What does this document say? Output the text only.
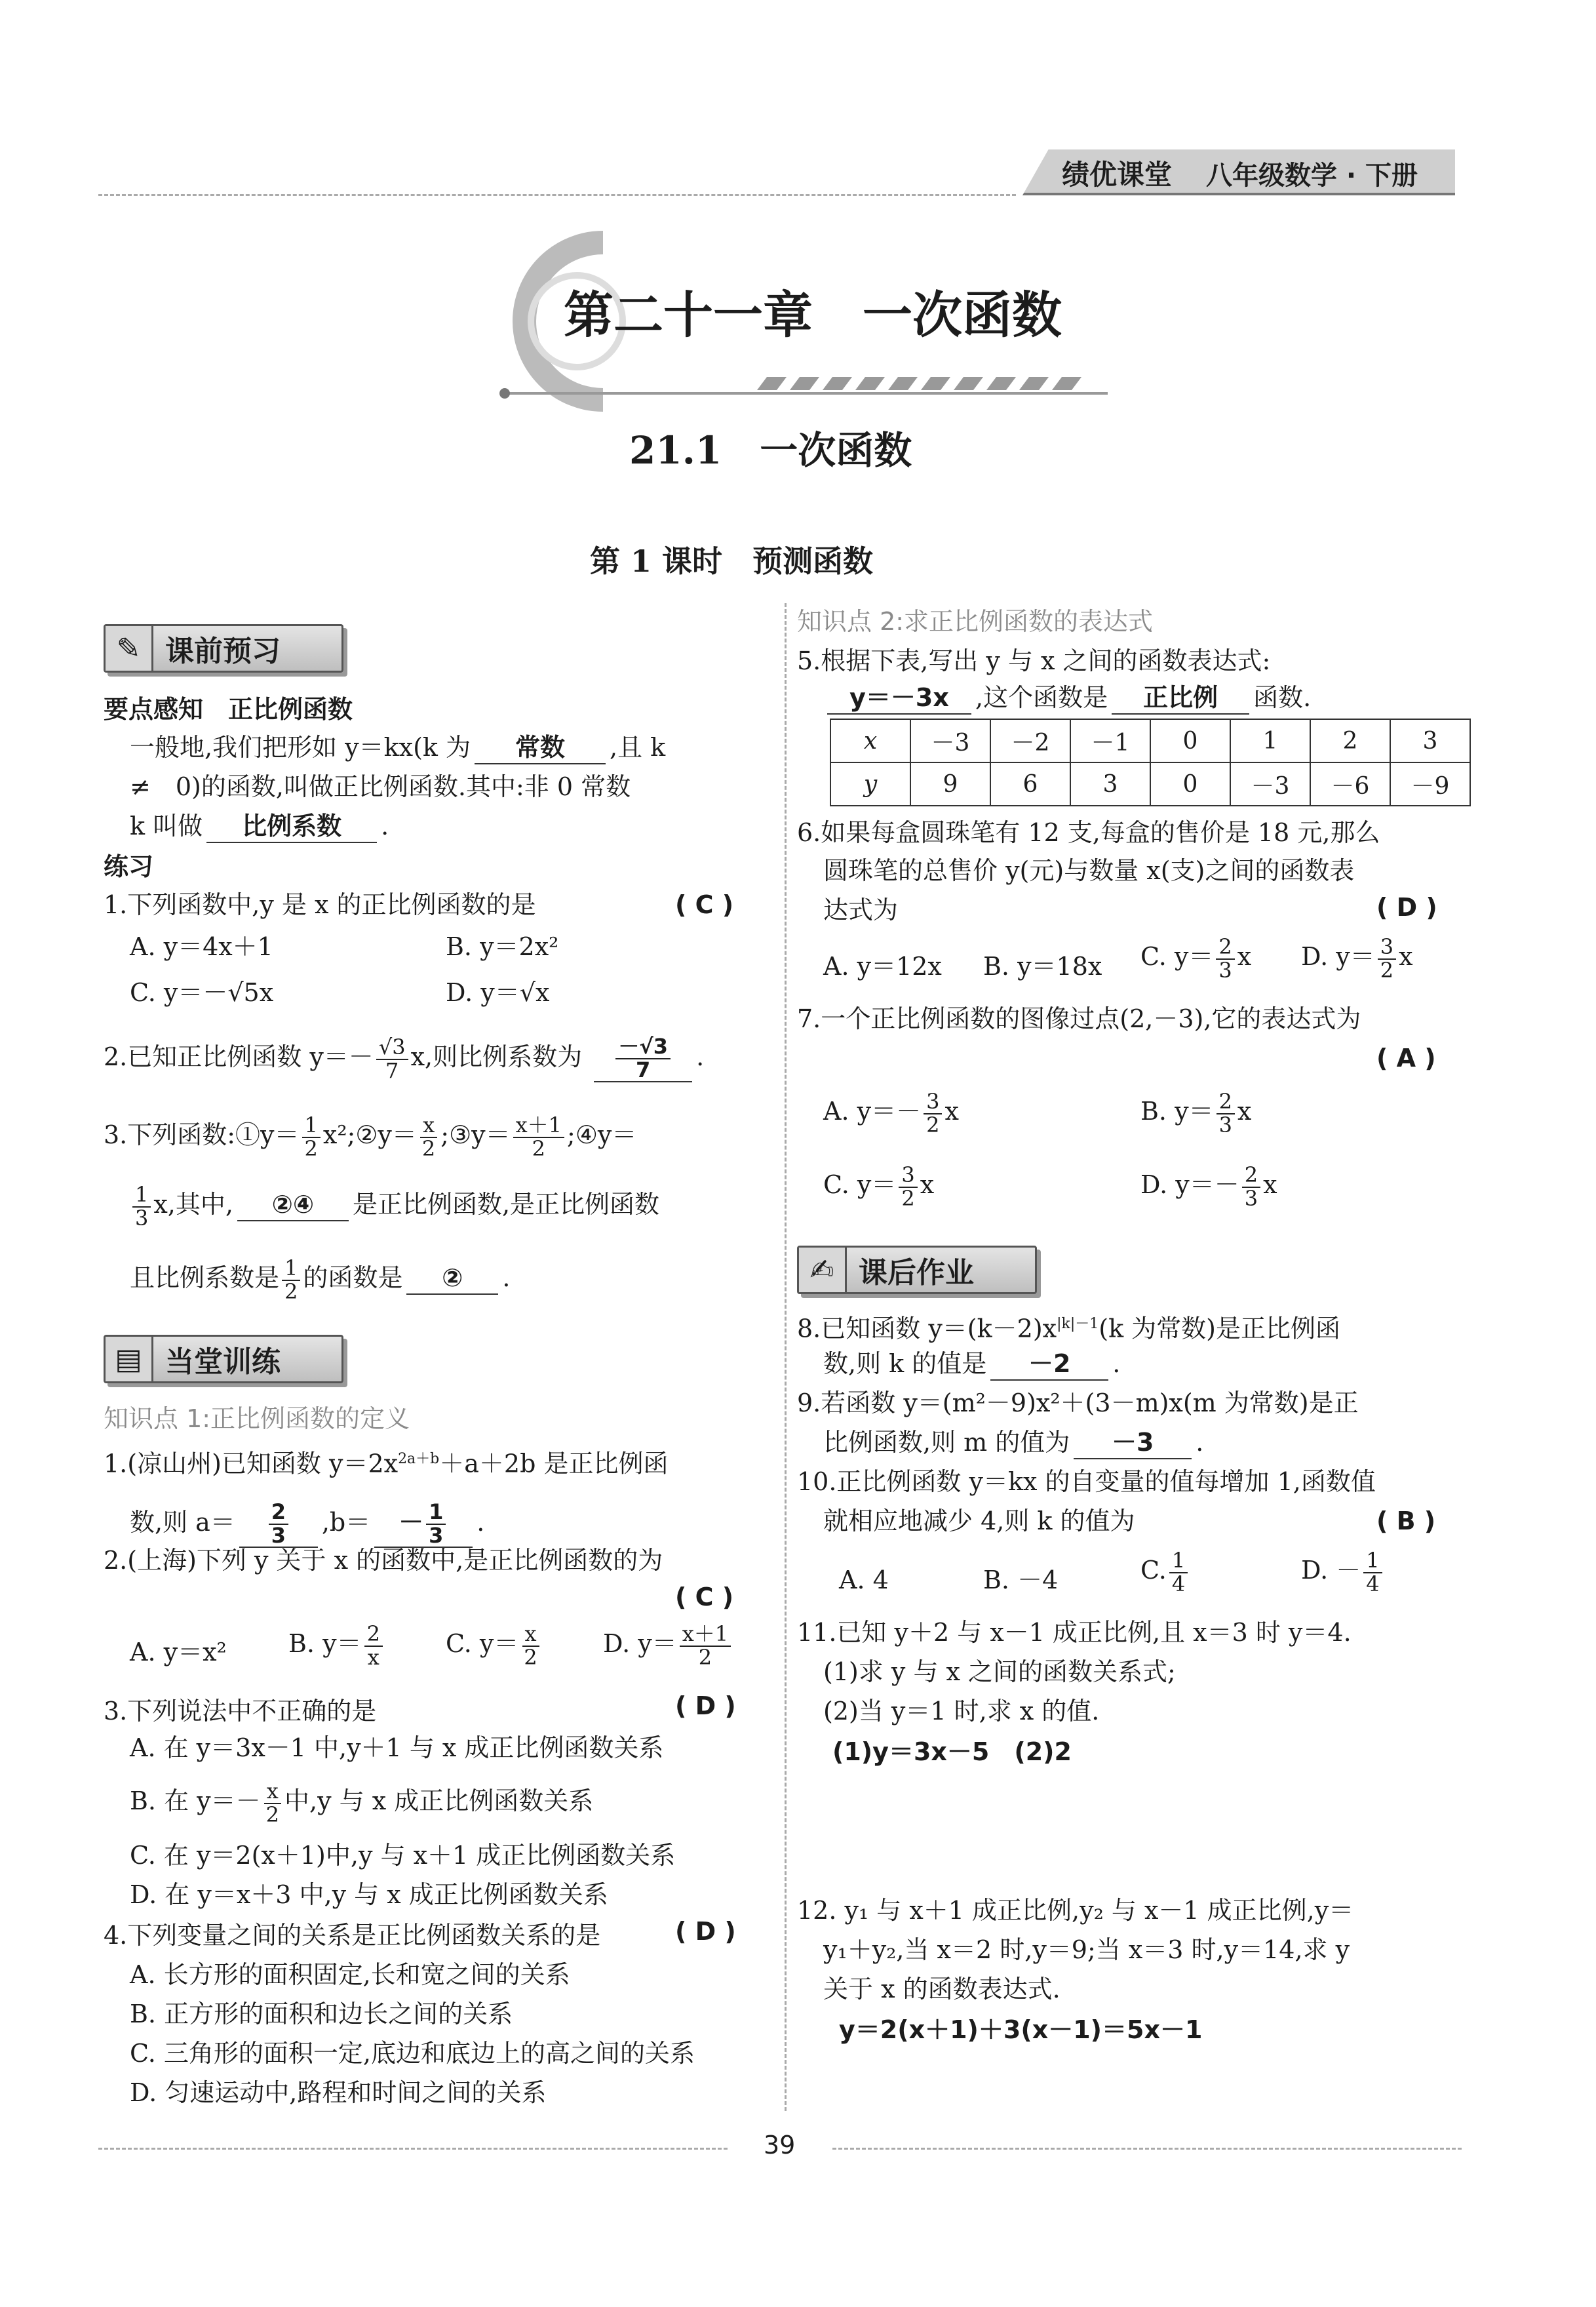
绩优课堂 八年级数学 · 下册
第二十一章　一次函数
21.1　一次函数
第 1 课时　预测函数
✎ 课前预习
要点感知　正比例函数
一般地,我们把形如 y＝kx(k 为 常数 ,且 k
≠　0)的函数,叫做正比例函数.其中:非 0 常数
k 叫做 比例系数 .
练习
1.下列函数中,y 是 x 的正比例函数的是	( C )
A. y＝4x＋1	B. y＝2x²
C. y＝－√5x	D. y＝√x
2.已知正比例函数 $y=- \frac{√3}{7} x$,则比例系数为 $\frac{-√3}{7}$ .
3.下列函数:①y＝ $\frac{1}{2}$ x²;②y＝ $\frac{x}{2}$ ;③y＝ $\frac{x+1}{2}$ ;④y＝
$\frac{1}{3} x$,其中, ②④ 是正比例函数,是正比例函数
且比例系数是 $\frac{1}{2}$ 的函数是 ② .
▤ 当堂训练
知识点 1:正比例函数的定义
1.(凉山州)已知函数 $y=2x^{2a+b}+a+2b$ 是正比例函
数,则 $a= \frac{2}{3} ,b= - \frac{1}{3}$ .
2.(上海)下列 y 关于 x 的函数中,是正比例函数的为
( C )
A. y＝x² B. $y= \frac{2}{x}$	C. $y= \frac{x}{2}$	D. $y= \frac{x+1}{2}$
3.下列说法中不正确的是	( D )
A. 在 y＝3x－1 中,y＋1 与 x 成正比例函数关系
B. 在 $y=- \frac{x}{2}$ 中,y 与 x 成正比例函数关系
C. 在 y＝2(x＋1)中,y 与 x＋1 成正比例函数关系
D. 在 y＝x＋3 中,y 与 x 成正比例函数关系
4.下列变量之间的关系是正比例函数关系的是	( D )
A. 长方形的面积固定,长和宽之间的关系
B. 正方形的面积和边长之间的关系
C. 三角形的面积一定,底边和底边上的高之间的关系
D. 匀速运动中,路程和时间之间的关系
知识点 2:求正比例函数的表达式
5.根据下表,写出 y 与 x 之间的函数表达式:
y＝－3x ,这个函数是 正比例 函数.
x	－3	－2	－1	0	1	2	3
y	9	6	3	0	－3	－6	－9
6.如果每盒圆珠笔有 12 支,每盒的售价是 18 元,那么
圆珠笔的总售价 y(元)与数量 x(支)之间的函数表
达式为	( D )
A. y＝12x B. y＝18x C. $y= \frac{2}{3}$ x D. $y= \frac{3}{2}$ x
7.一个正比例函数的图像过点(2,－3),它的表达式为
( A )
A. $y=- \frac{3}{2}$ x	B. $y= \frac{2}{3}$ x
C. $y= \frac{3}{2}$ x	D. $y=- \frac{2}{3}$ x
✍ 课后作业
8.已知函数 $y=(k-2)x^{|k|-1}(k$ 为常数)是正比例函
数,则 k 的值是 －2 .
9.若函数 y＝(m²－9)x²＋(3－m)x(m 为常数)是正
比例函数,则 m 的值为 －3 .
10.正比例函数 y＝kx 的自变量的值每增加 1,函数值
就相应地减少 4,则 k 的值为	( B )
A. 4	B. －4	C. $\frac{1}{4}$	D. － $\frac{1}{4}$
11.已知 y＋2 与 x－1 成正比例,且 x＝3 时 y＝4.
(1)求 y 与 x 之间的函数关系式;
(2)当 y＝1 时,求 x 的值.
(1)y＝3x－5　(2)2
12. y₁ 与 x＋1 成正比例,y₂ 与 x－1 成正比例,y＝
y₁＋y₂,当 x＝2 时,y＝9;当 x＝3 时,y＝14,求 y
关于 x 的函数表达式.
y＝2(x＋1)＋3(x－1)＝5x－1
39
